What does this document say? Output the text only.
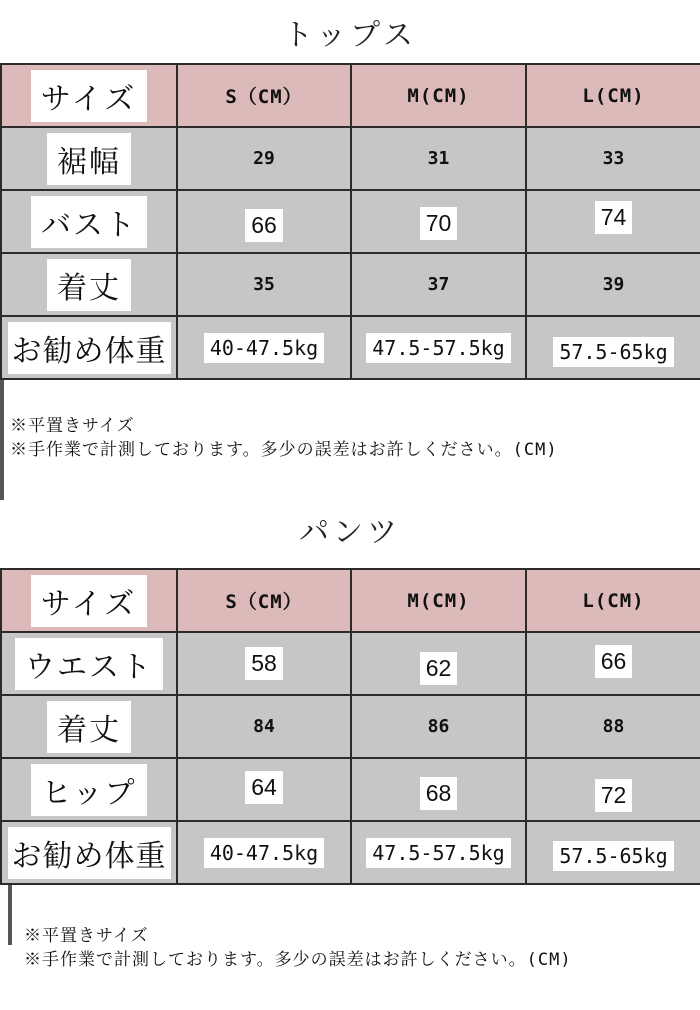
トップス
サイズ	S（CM）	M(CM)	L(CM)
裾幅	29	31	33
バスト	66	70	74
着丈	35	37	39
お勧め体重	40-47.5kg	47.5-57.5kg	57.5-65kg
※平置きサイズ
※手作業で計測しております。多少の誤差はお許しください。(CM)
パンツ
サイズ	S（CM）	M(CM)	L(CM)
ウエスト	58	62	66
着丈	84	86	88
ヒップ	64	68	72
お勧め体重	40-47.5kg	47.5-57.5kg	57.5-65kg
※平置きサイズ
※手作業で計測しております。多少の誤差はお許しください。(CM)
